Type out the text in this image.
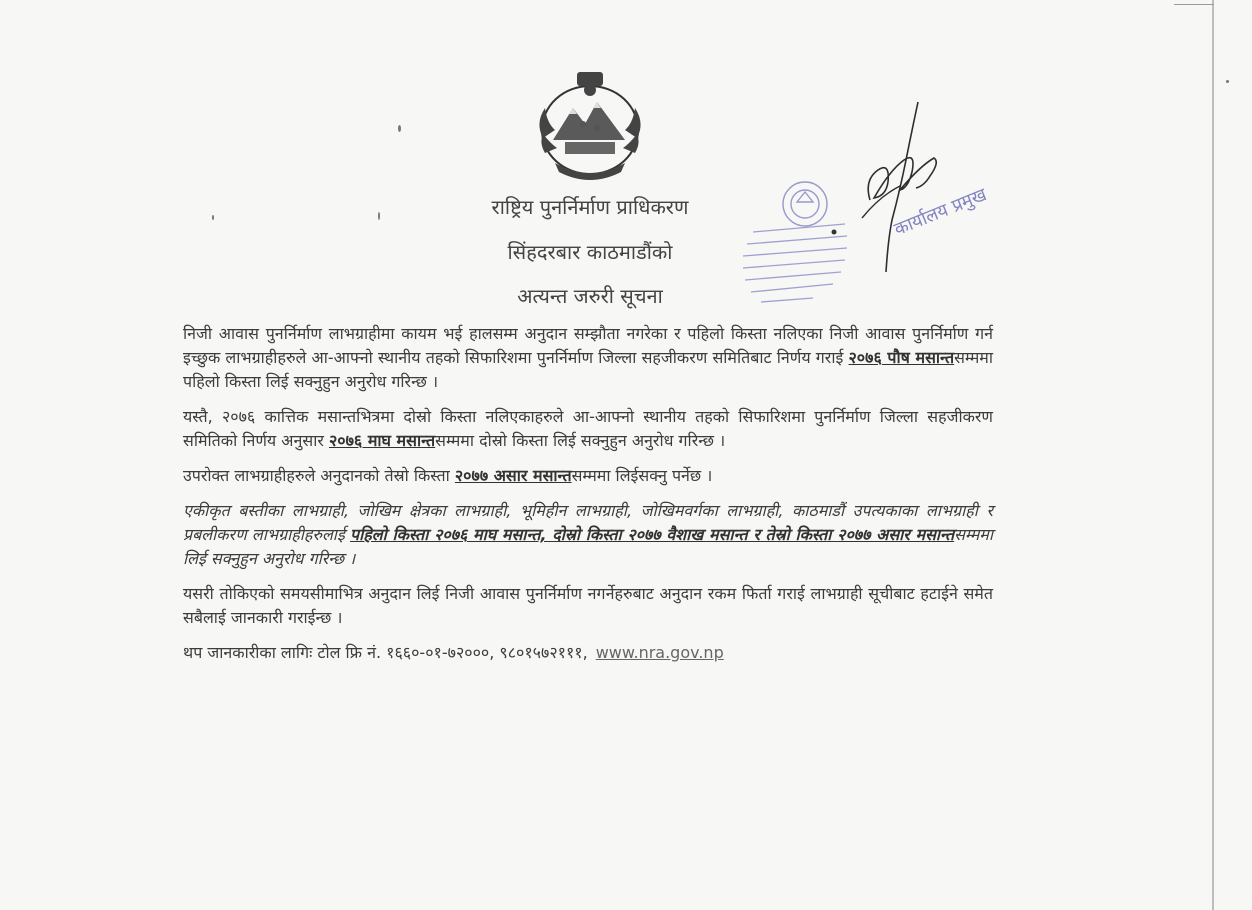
राष्ट्रिय पुनर्निर्माण प्राधिकरण
सिंहदरबार काठमाडौंको
अत्यन्त जरुरी सूचना
कार्यालय प्रमुख

निजी आवास पुनर्निर्माण लाभग्राहीमा कायम भई हालसम्म अनुदान सम्झौता नगरेका र पहिलो किस्ता नलिएका निजी आवास पुनर्निर्माण गर्न इच्छुक लाभग्राहीहरुले आ-आफ्नो स्थानीय तहको सिफारिशमा पुनर्निर्माण जिल्ला सहजीकरण समितिबाट निर्णय गराई २०७६ पौष मसान्तसम्ममा पहिलो किस्ता लिई सक्नुहुन अनुरोध गरिन्छ ।

यस्तै, २०७६ कात्तिक मसान्तभित्रमा दोस्रो किस्ता नलिएकाहरुले आ-आफ्नो स्थानीय तहको सिफारिशमा पुनर्निर्माण जिल्ला सहजीकरण समितिको निर्णय अनुसार २०७६ माघ मसान्तसम्ममा दोस्रो किस्ता लिई सक्नुहुन अनुरोध गरिन्छ ।

उपरोक्त लाभग्राहीहरुले अनुदानको तेस्रो किस्ता २०७७ असार मसान्तसम्ममा लिईसक्नु पर्नेछ ।

एकीकृत बस्तीका लाभग्राही, जोखिम क्षेत्रका लाभग्राही, भूमिहीन लाभग्राही, जोखिमवर्गका लाभग्राही, काठमाडौं उपत्यकाका लाभग्राही र प्रबलीकरण लाभग्राहीहरुलाई पहिलो किस्ता २०७६ माघ मसान्त, दोस्रो किस्ता २०७७ वैशाख मसान्त र तेस्रो किस्ता २०७७ असार मसान्तसम्ममा लिई सक्नुहुन अनुरोध गरिन्छ ।

यसरी तोकिएको समयसीमाभित्र अनुदान लिई निजी आवास पुनर्निर्माण नगर्नेहरुबाट अनुदान रकम फिर्ता गराई लाभग्राही सूचीबाट हटाईने समेत सबैलाई जानकारी गराईन्छ ।

थप जानकारीका लागिः टोल फ्रि नं. १६६०-०१-७२०००, ९८०१५७२१११, www.nra.gov.np
